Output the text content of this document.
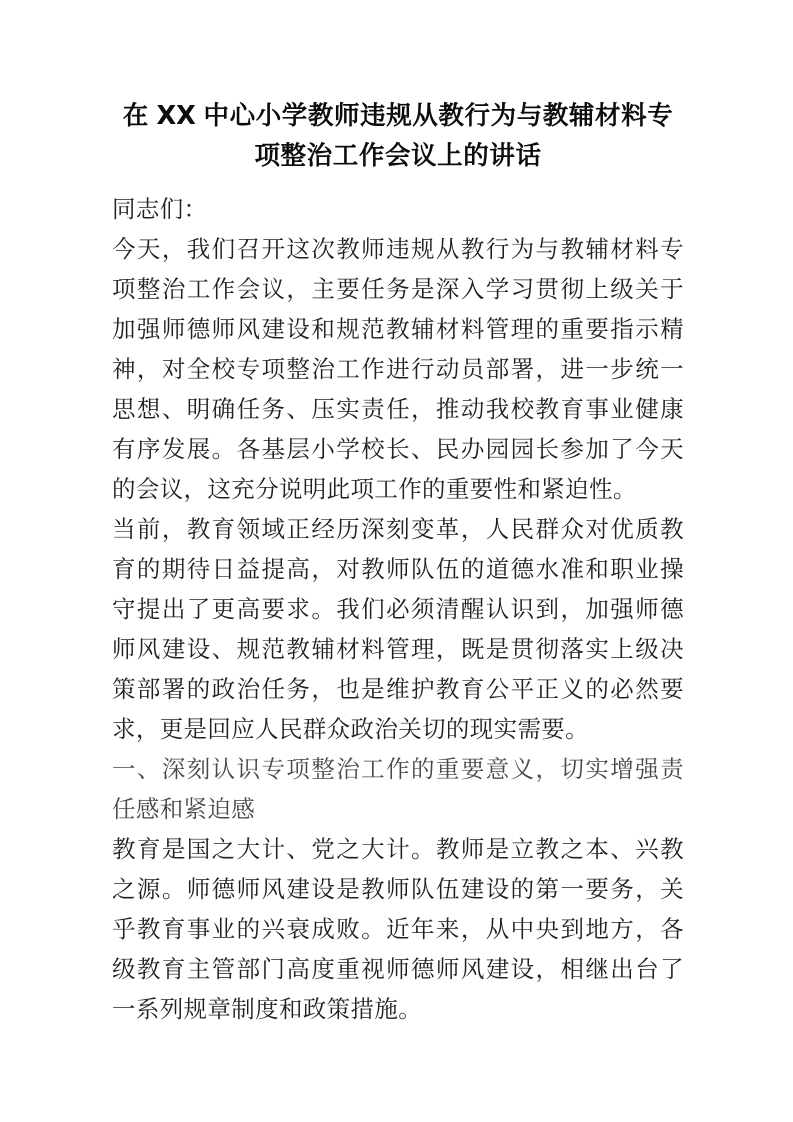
在 XX 中心小学教师违规从教行为与教辅材料专项整治工作会议上的讲话

同志们：

今天，我们召开这次教师违规从教行为与教辅材料专项整治工作会议，主要任务是深入学习贯彻上级关于加强师德师风建设和规范教辅材料管理的重要指示精神，对全校专项整治工作进行动员部署，进一步统一思想、明确任务、压实责任，推动我校教育事业健康有序发展。各基层小学校长、民办园园长参加了今天的会议，这充分说明此项工作的重要性和紧迫性。

当前，教育领域正经历深刻变革，人民群众对优质教育的期待日益提高，对教师队伍的道德水准和职业操守提出了更高要求。我们必须清醒认识到，加强师德师风建设、规范教辅材料管理，既是贯彻落实上级决策部署的政治任务，也是维护教育公平正义的必然要求，更是回应人民群众政治关切的现实需要。

一、深刻认识专项整治工作的重要意义，切实增强责任感和紧迫感

教育是国之大计、党之大计。教师是立教之本、兴教之源。师德师风建设是教师队伍建设的第一要务，关乎教育事业的兴衰成败。近年来，从中央到地方，各级教育主管部门高度重视师德师风建设，相继出台了一系列规章制度和政策措施。
